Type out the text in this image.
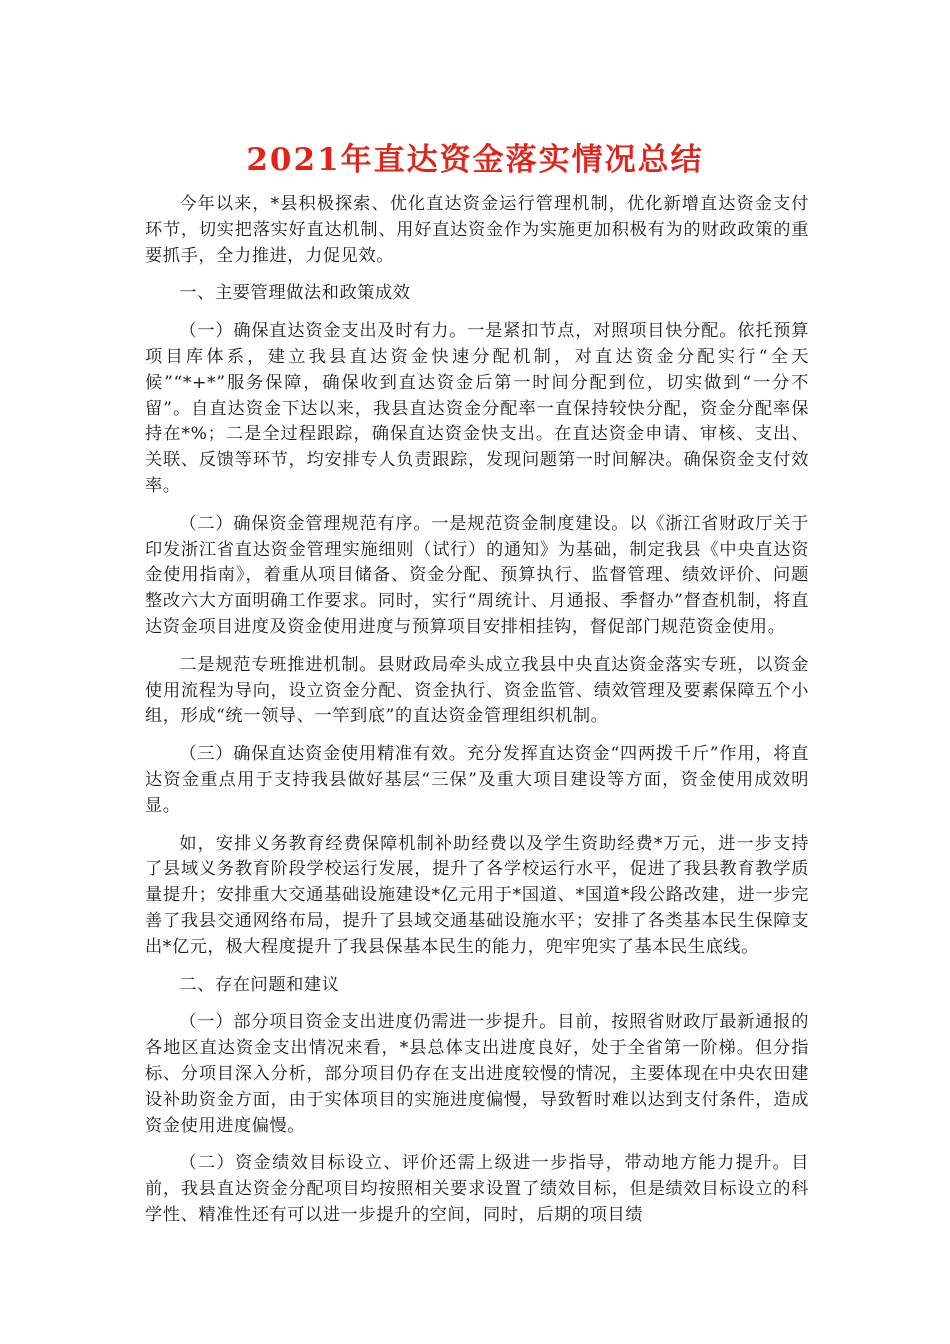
2021年直达资金落实情况总结

今年以来，*县积极探索、优化直达资金运行管理机制，优化新增直达资金支付环节，切实把落实好直达机制、用好直达资金作为实施更加积极有为的财政政策的重要抓手，全力推进，力促见效。

一、主要管理做法和政策成效

（一）确保直达资金支出及时有力。一是紧扣节点，对照项目快分配。依托预算项目库体系，建立我县直达资金快速分配机制，对直达资金分配实行“全天候”“*+*”服务保障，确保收到直达资金后第一时间分配到位，切实做到“一分不留”。自直达资金下达以来，我县直达资金分配率一直保持较快分配，资金分配率保持在*%；二是全过程跟踪，确保直达资金快支出。在直达资金申请、审核、支出、关联、反馈等环节，均安排专人负责跟踪，发现问题第一时间解决。确保资金支付效率。

（二）确保资金管理规范有序。一是规范资金制度建设。以《浙江省财政厅关于印发浙江省直达资金管理实施细则（试行）的通知》为基础，制定我县《中央直达资金使用指南》，着重从项目储备、资金分配、预算执行、监督管理、绩效评价、问题整改六大方面明确工作要求。同时，实行“周统计、月通报、季督办”督查机制，将直达资金项目进度及资金使用进度与预算项目安排相挂钩，督促部门规范资金使用。

二是规范专班推进机制。县财政局牵头成立我县中央直达资金落实专班，以资金使用流程为导向，设立资金分配、资金执行、资金监管、绩效管理及要素保障五个小组，形成“统一领导、一竿到底”的直达资金管理组织机制。

（三）确保直达资金使用精准有效。充分发挥直达资金“四两拨千斤”作用，将直达资金重点用于支持我县做好基层“三保”及重大项目建设等方面，资金使用成效明显。

如，安排义务教育经费保障机制补助经费以及学生资助经费*万元，进一步支持了县域义务教育阶段学校运行发展，提升了各学校运行水平，促进了我县教育教学质量提升；安排重大交通基础设施建设*亿元用于*国道、*国道*段公路改建，进一步完善了我县交通网络布局，提升了县域交通基础设施水平；安排了各类基本民生保障支出*亿元，极大程度提升了我县保基本民生的能力，兜牢兜实了基本民生底线。

二、存在问题和建议

（一）部分项目资金支出进度仍需进一步提升。目前，按照省财政厅最新通报的各地区直达资金支出情况来看，*县总体支出进度良好，处于全省第一阶梯。但分指标、分项目深入分析，部分项目仍存在支出进度较慢的情况，主要体现在中央农田建设补助资金方面，由于实体项目的实施进度偏慢，导致暂时难以达到支付条件，造成资金使用进度偏慢。

（二）资金绩效目标设立、评价还需上级进一步指导，带动地方能力提升。目前，我县直达资金分配项目均按照相关要求设置了绩效目标，但是绩效目标设立的科学性、精准性还有可以进一步提升的空间，同时，后期的项目绩
